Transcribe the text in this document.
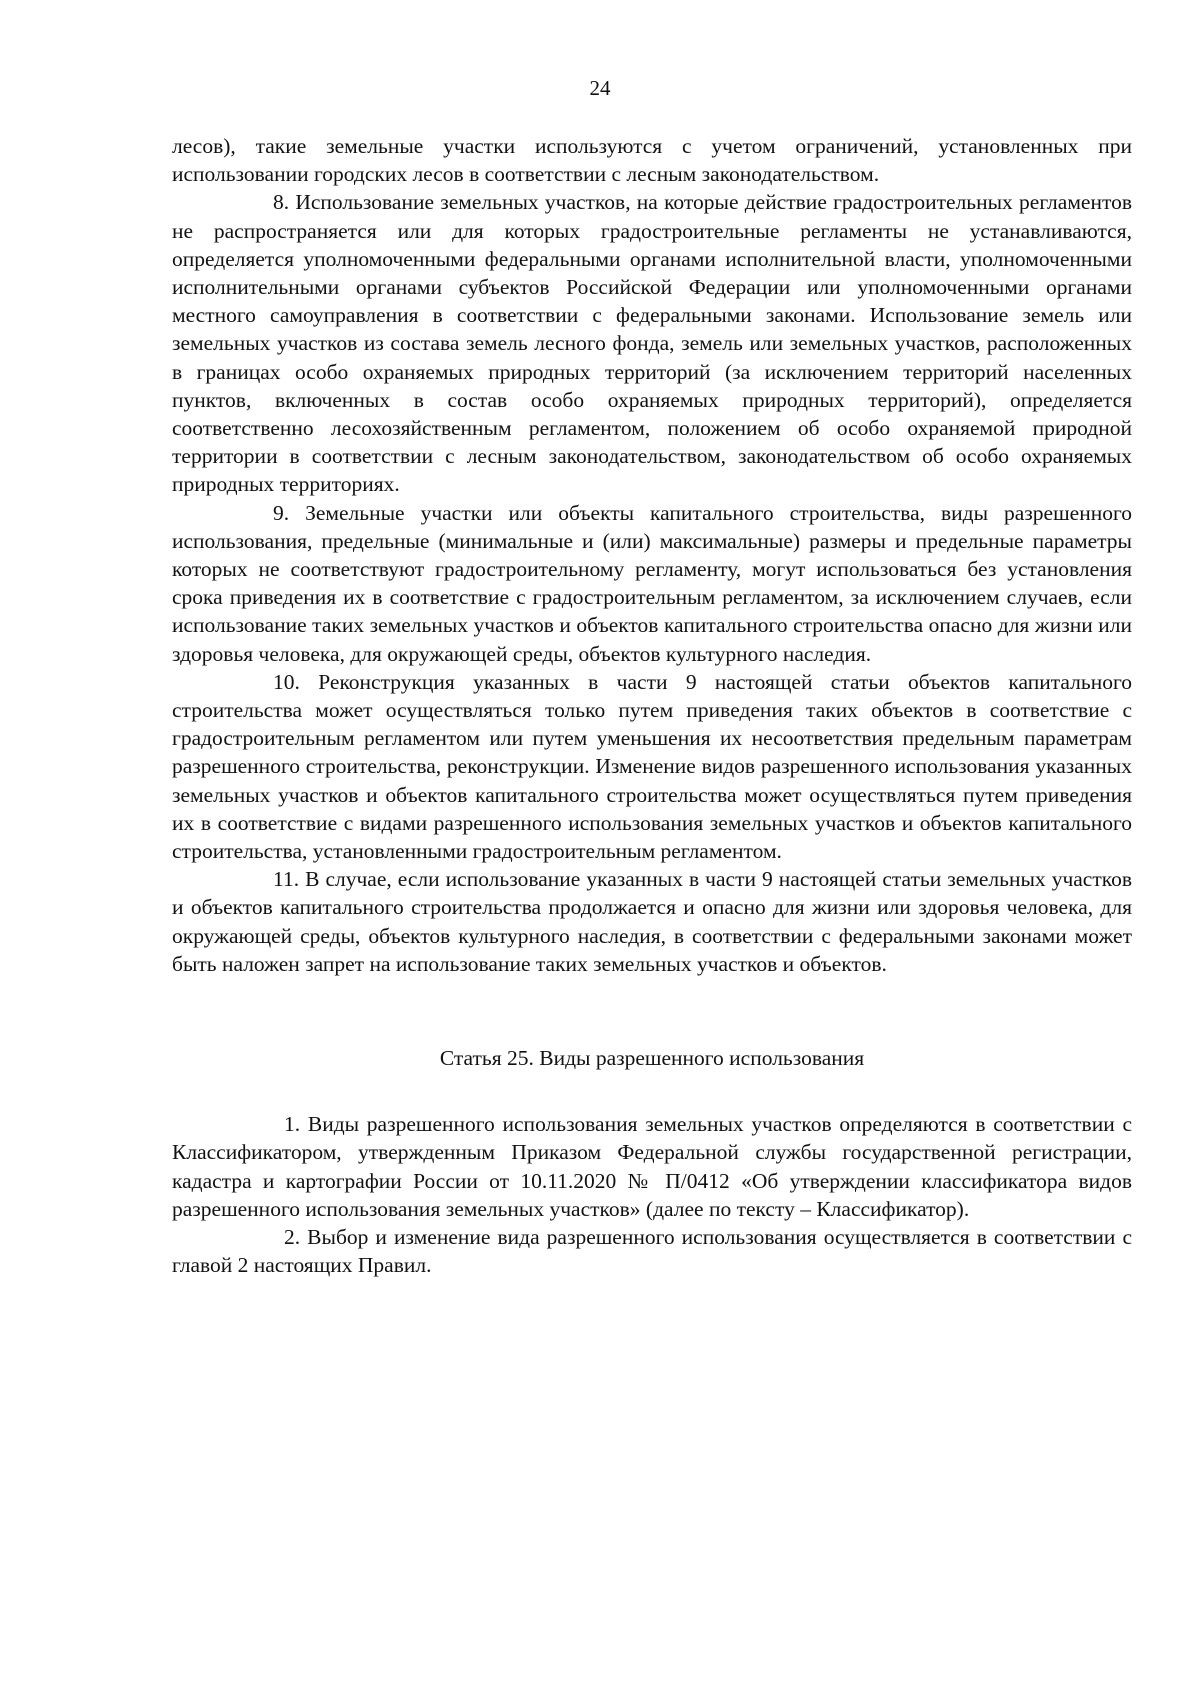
24

лесов), такие земельные участки используются с учетом ограничений, установленных при использовании городских лесов в соответствии с лесным законодательством.

8. Использование земельных участков, на которые действие градостроительных регламентов не распространяется или для которых градостроительные регламенты не устанавливаются, определяется уполномоченными федеральными органами исполнительной власти, уполномоченными исполнительными органами субъектов Российской Федерации или уполномоченными органами местного самоуправления в соответствии с федеральными законами. Использование земель или земельных участков из состава земель лесного фонда, земель или земельных участков, расположенных в границах особо охраняемых природных территорий (за исключением территорий населенных пунктов, включенных в состав особо охраняемых природных территорий), определяется соответственно лесохозяйственным регламентом, положением об особо охраняемой природной территории в соответствии с лесным законодательством, законодательством об особо охраняемых природных территориях.

9. Земельные участки или объекты капитального строительства, виды разрешенного использования, предельные (минимальные и (или) максимальные) размеры и предельные параметры которых не соответствуют градостроительному регламенту, могут использоваться без установления срока приведения их в соответствие с градостроительным регламентом, за исключением случаев, если использование таких земельных участков и объектов капитального строительства опасно для жизни или здоровья человека, для окружающей среды, объектов культурного наследия.

10. Реконструкция указанных в части 9 настоящей статьи объектов капитального строительства может осуществляться только путем приведения таких объектов в соответствие с градостроительным регламентом или путем уменьшения их несоответствия предельным параметрам разрешенного строительства, реконструкции. Изменение видов разрешенного использования указанных земельных участков и объектов капитального строительства может осуществляться путем приведения их в соответствие с видами разрешенного использования земельных участков и объектов капитального строительства, установленными градостроительным регламентом.

11. В случае, если использование указанных в части 9 настоящей статьи земельных участков и объектов капитального строительства продолжается и опасно для жизни или здоровья человека, для окружающей среды, объектов культурного наследия, в соответствии с федеральными законами может быть наложен запрет на использование таких земельных участков и объектов.

Статья 25. Виды разрешенного использования

1. Виды разрешенного использования земельных участков определяются в соответствии с Классификатором, утвержденным Приказом Федеральной службы государственной регистрации, кадастра и картографии России от 10.11.2020 № П/0412 «Об утверждении классификатора видов разрешенного использования земельных участков» (далее по тексту – Классификатор).

2. Выбор и изменение вида разрешенного использования осуществляется в соответствии с главой 2 настоящих Правил.
